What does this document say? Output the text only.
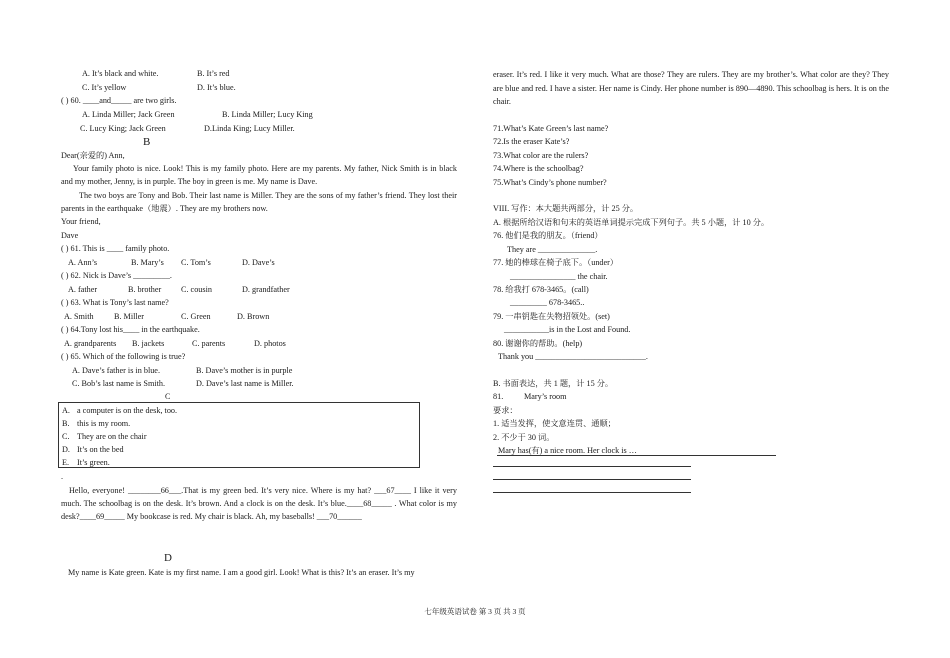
A. It’s black and white.	B. It’s red
C. It’s yellow	D. It’s blue.
( ) 60. ____and_____ are two girls.
A. Linda Miller; Jack Green	B. Linda Miller; Lucy King
C. Lucy King; Jack Green	D.Linda King; Lucy Miller.
B
Dear(亲爱的) Ann,
Your family photo is nice. Look! This is my family photo. Here are my parents. My father, Nick Smith is in black and my mother, Jenny, is in purple. The boy in green is me. My name is Dave.
The two boys are Tony and Bob. Their last name is Miller. They are the sons of my father’s friend. They lost their parents in the earthquake（地震）. They are my brothers now.
Your friend,
Dave
( ) 61. This is ____ family photo.
A. Ann’s	B. Mary’s C. Tom’s	D. Dave’s
( ) 62. Nick is Dave’s _________.
A. father	B. brother C. cousin	D. grandfather
( ) 63. What is Tony’s last name?
A. Smith B. Miller	C. Green	D. Brown
( ) 64.Tony lost his____ in the earthquake.
A. grandparents B. jackets	C. parents	D. photos
( ) 65. Which of the following is true?
A. Dave’s father is in blue.	B. Dave’s mother is in purple
C. Bob’s last name is Smith.	D. Dave’s last name is Miller.
C
A. a computer is on the desk, too.
B. this is my room.
C. They are on the chair
D. It’s on the bed
E. It’s green.
.
Hello, everyone! ________66___.That is my green bed. It’s very nice. Where is my hat? ___67____ I like it very much. The schoolbag is on the desk. It’s brown. And a clock is on the desk. It’s blue.____68_____ . What color is my desk?____69_____ My bookcase is red. My chair is black. Ah, my baseballs! ___70______
D
My name is Kate green. Kate is my first name. I am a good girl. Look! What is this? It’s an eraser. It’s my
eraser. It’s red. I like it very much. What are those? They are rulers. They are my brother’s. What color are they? They are blue and red. I have a sister. Her name is Cindy. Her phone number is 890—4890. This schoolbag is hers. It is on the chair.
71.What’s Kate Green’s last name?
72.Is the eraser Kate’s?
73.What color are the rulers?
74.Where is the schoolbag?
75.What’s Cindy’s phone number?
VIII. 写作：本大题共两部分，计 25 分。
A. 根据所给汉语和句末的英语单词提示完成下列句子。共 5 小题，计 10 分。
76. 他们是我的朋友。（friend）
They are ______________.
77. 她的棒球在椅子底下。（under）
________________ the chair.
78. 给我打 678-3465。(call)
_________ 678-3465..
79. 一串钥匙在失物招领处。(set)
___________is in the Lost and Found.
80. 谢谢你的帮助。(help)
Thank you ___________________________.
B. 书面表达，共 1 题，计 15 分。
81.	Mary’s room
要求：
1. 适当发挥，使文意连贯、通顺；
2. 不少于 30 词。
Mary has(有) a nice room. Her clock is …
七年级英语试卷 第 3 页 共 3 页
